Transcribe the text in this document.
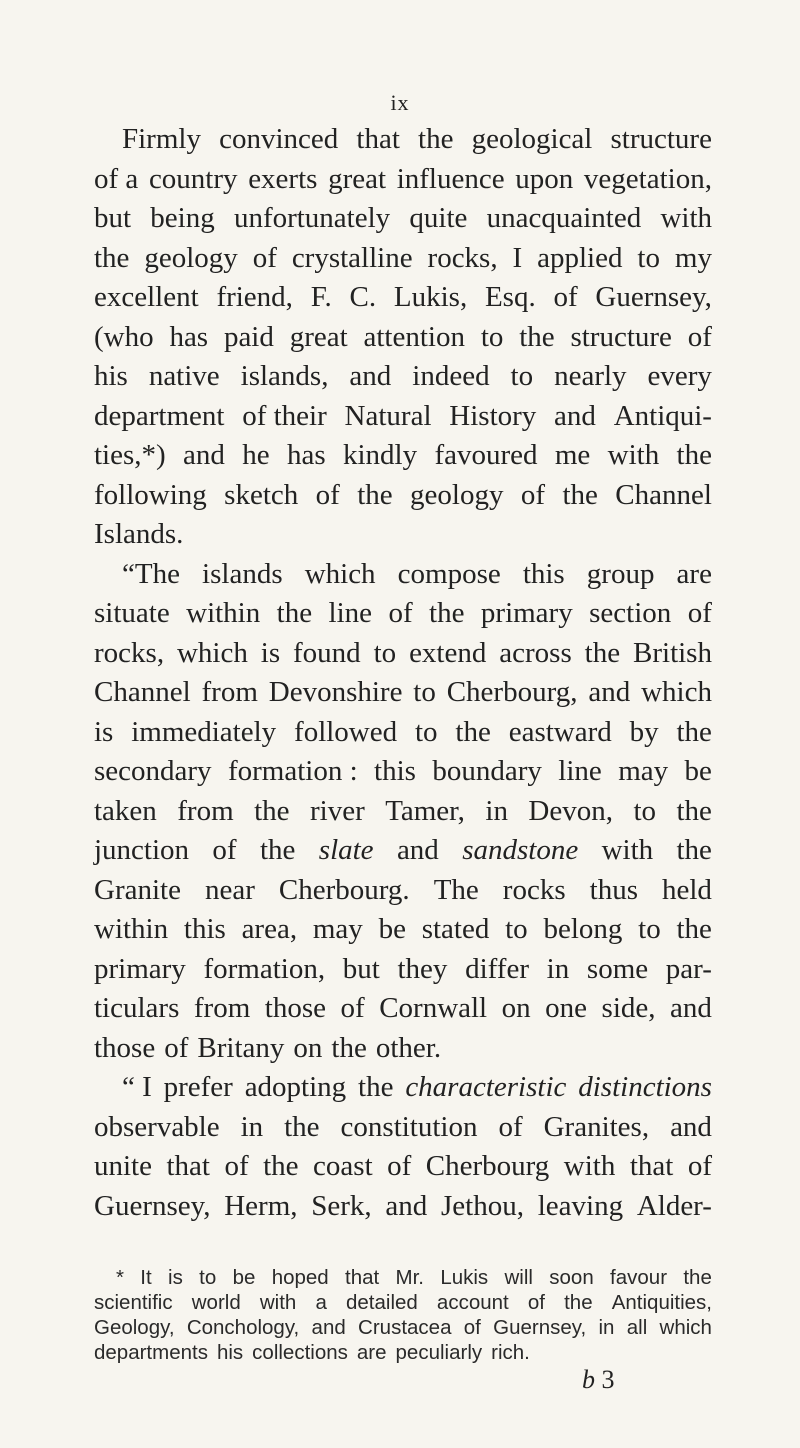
ix
Firmly convinced that the geological structure
of a country exerts great influence upon vegetation,
but being unfortunately quite unacquainted with
the geology of crystalline rocks, I applied to my
excellent friend, F. C. Lukis, Esq. of Guernsey,
(who has paid great attention to the structure of
his native islands, and indeed to nearly every
department of their Natural History and Antiqui-
ties,*) and he has kindly favoured me with the
following sketch of the geology of the Channel
Islands.
“The islands which compose this group are
situate within the line of the primary section of
rocks, which is found to extend across the British
Channel from Devonshire to Cherbourg, and which
is immediately followed to the eastward by the
secondary formation : this boundary line may be
taken from the river Tamer, in Devon, to the
junction of the slate and sandstone with the
Granite near Cherbourg. The rocks thus held
within this area, may be stated to belong to the
primary formation, but they differ in some par-
ticulars from those of Cornwall on one side, and
those of Britany on the other.
“ I prefer adopting the characteristic distinctions
observable in the constitution of Granites, and
unite that of the coast of Cherbourg with that of
Guernsey, Herm, Serk, and Jethou, leaving Alder-
* It is to be hoped that Mr. Lukis will soon favour the
scientific world with a detailed account of the Antiquities,
Geology, Conchology, and Crustacea of Guernsey, in all which
departments his collections are peculiarly rich.
b 3
